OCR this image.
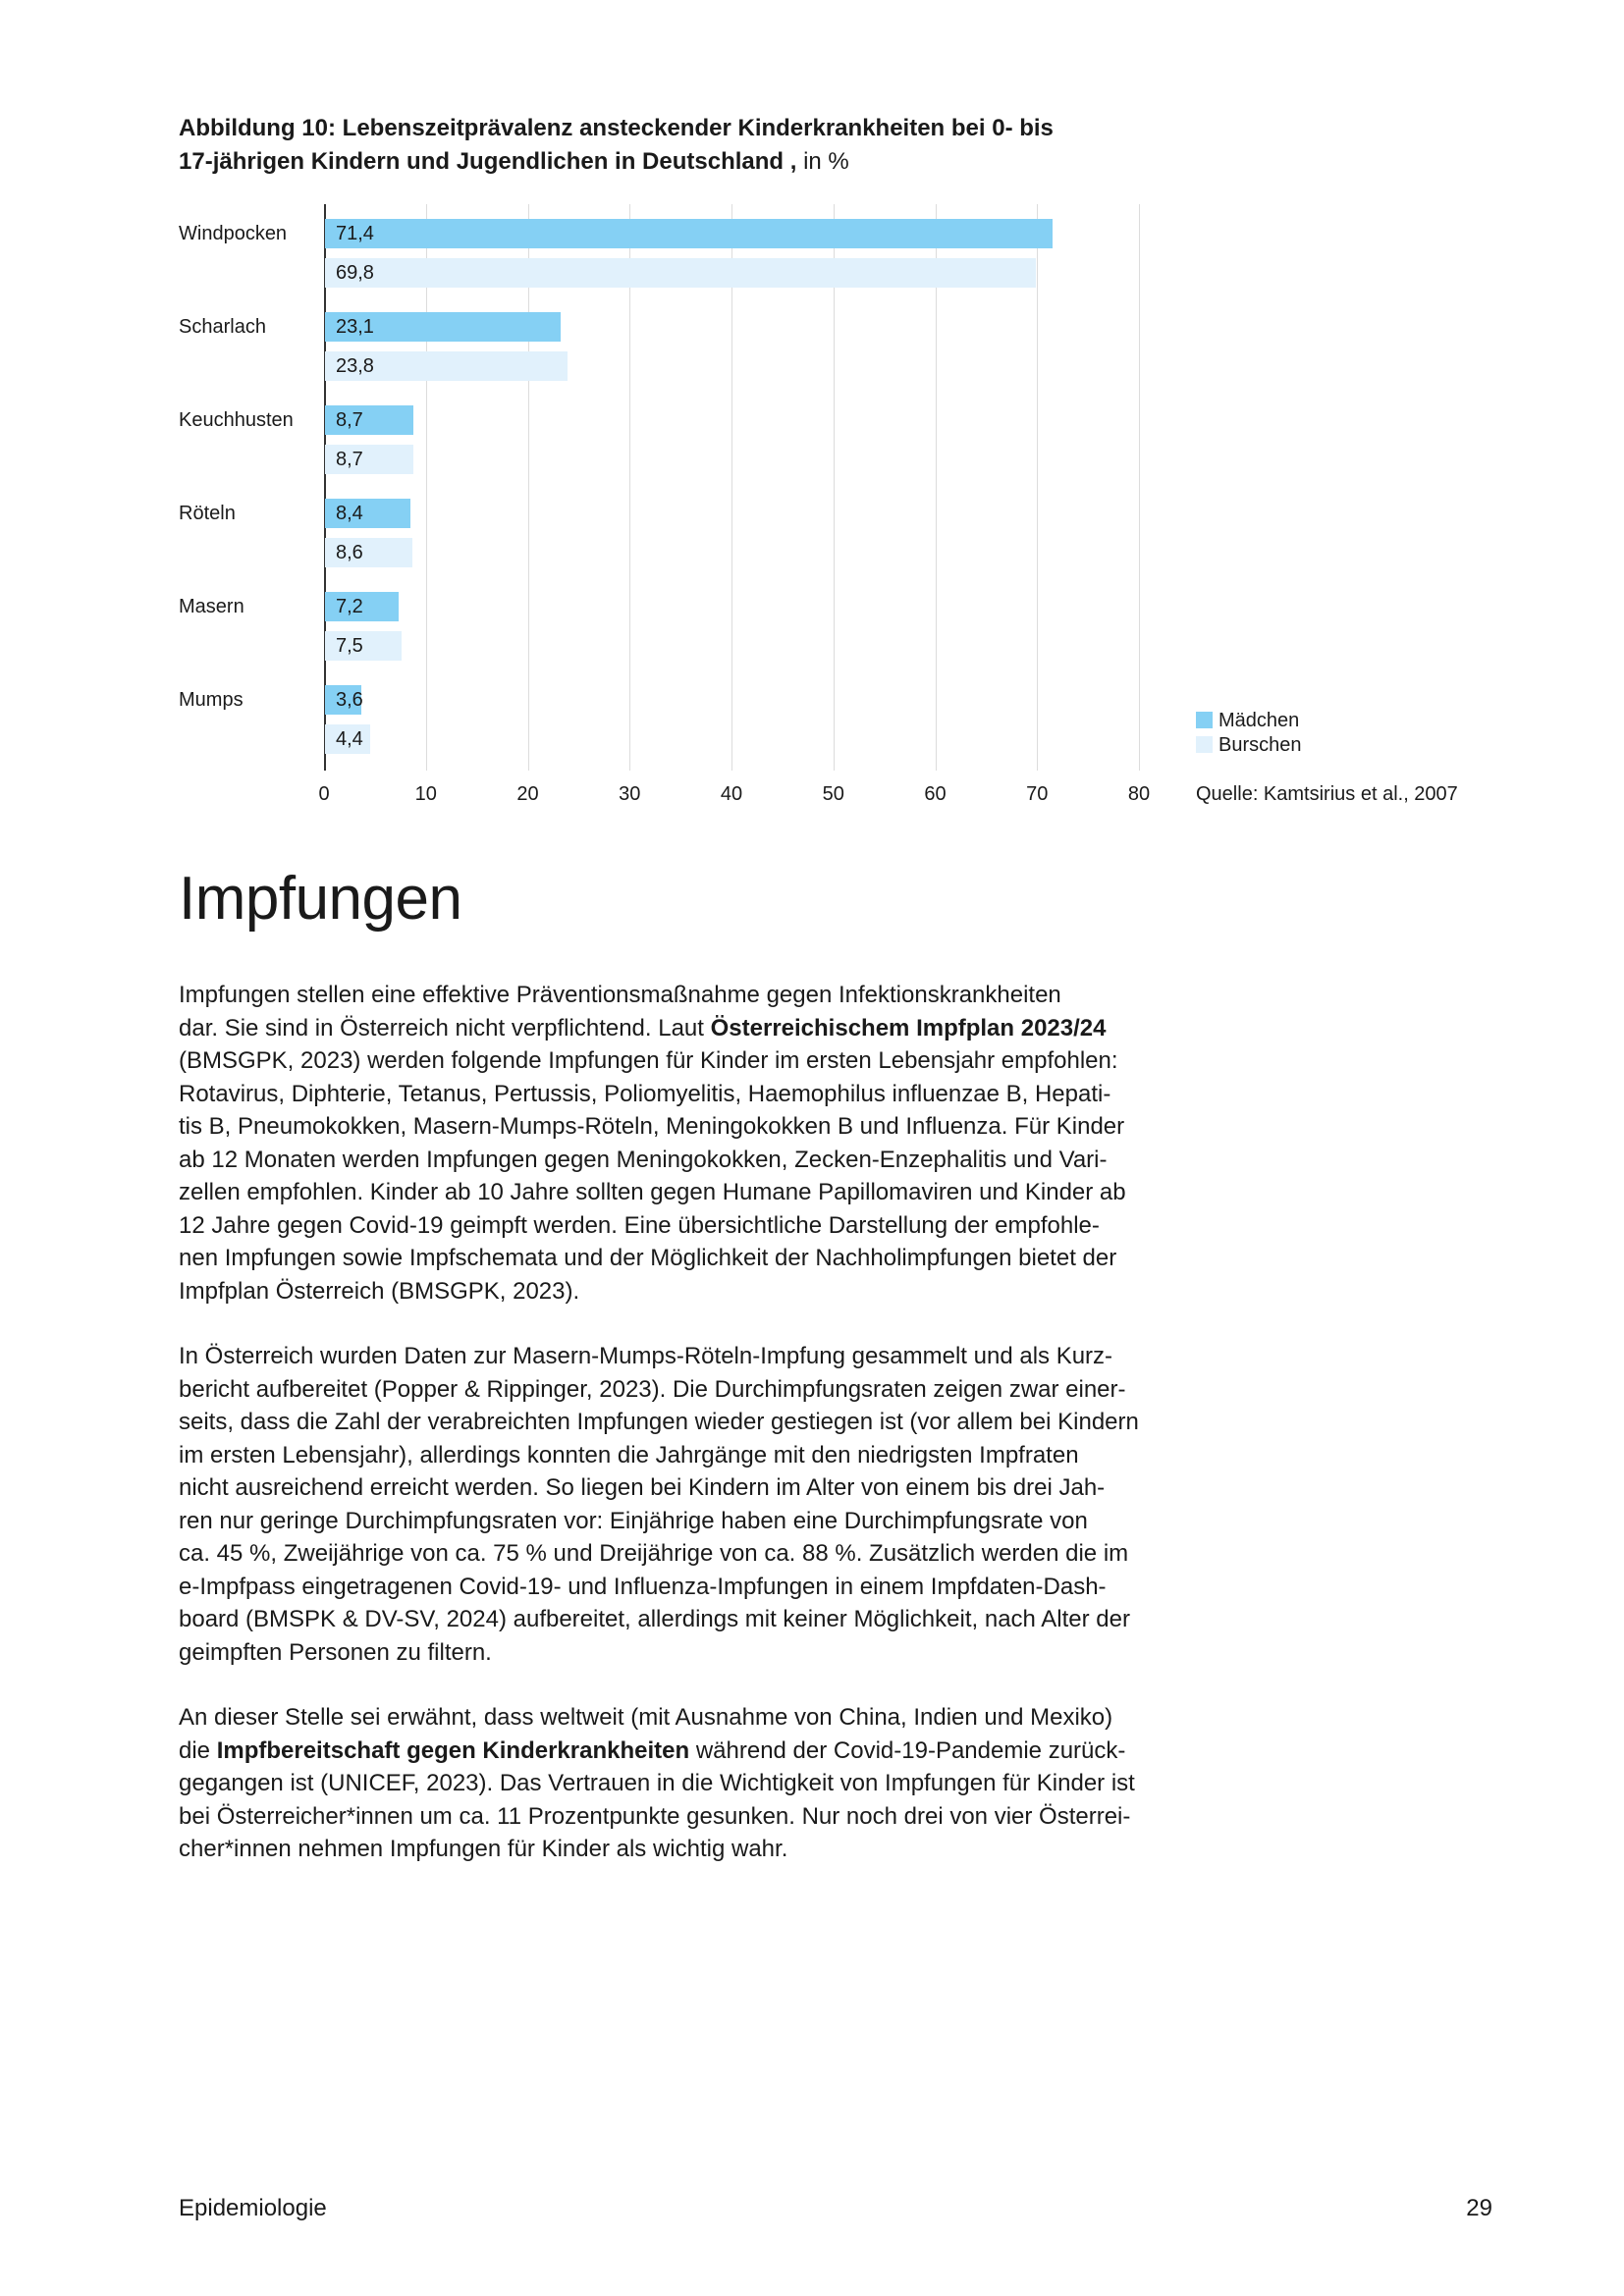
Abbildung 10: Lebenszeitprävalenz ansteckender Kinderkrankheiten bei 0- bis
17-jährigen Kindern und Jugendlichen in Deutschland , in %
0	10	20	30	40	50	60	70	80
Windpocken 71,4
69,8
Scharlach	23,1
23,8
Keuchhusten 8,7
8,7
Röteln	8,4
8,6
Masern	7,2
7,5
Mumps	3,6
4,4
Mädchen
Burschen
Quelle: Kamtsirius et al., 2007
Impfungen
Impfungen stellen eine effektive Präventionsmaßnahme gegen Infektionskrankheiten
dar. Sie sind in Österreich nicht verpflichtend. Laut Österreichischem Impfplan 2023/24
(BMSGPK, 2023) werden folgende Impfungen für Kinder im ersten Lebensjahr empfohlen:
Rotavirus, Diphterie, Tetanus, Pertussis, Poliomyelitis, Haemophilus influenzae B, Hepati-
tis B, Pneumokokken, Masern-Mumps-Röteln, Meningokokken B und Influenza. Für Kinder
ab 12 Monaten werden Impfungen gegen Meningokokken, Zecken-Enzephalitis und Vari-
zellen empfohlen. Kinder ab 10 Jahre sollten gegen Humane Papillomaviren und Kinder ab
12 Jahre gegen Covid-19 geimpft werden. Eine übersichtliche Darstellung der empfohle-
nen Impfungen sowie Impfschemata und der Möglichkeit der Nachholimpfungen bietet der
Impfplan Österreich (BMSGPK, 2023).
In Österreich wurden Daten zur Masern-Mumps-Röteln-Impfung gesammelt und als Kurz-
bericht aufbereitet (Popper & Rippinger, 2023). Die Durchimpfungsraten zeigen zwar einer-
seits, dass die Zahl der verabreichten Impfungen wieder gestiegen ist (vor allem bei Kindern
im ersten Lebensjahr), allerdings konnten die Jahrgänge mit den niedrigsten Impfraten
nicht ausreichend erreicht werden. So liegen bei Kindern im Alter von einem bis drei Jah-
ren nur geringe Durchimpfungsraten vor: Einjährige haben eine Durchimpfungsrate von
ca. 45 %, Zweijährige von ca. 75 % und Dreijährige von ca. 88 %. Zusätzlich werden die im
e-Impfpass eingetragenen Covid-19- und Influenza-Impfungen in einem Impfdaten-Dash-
board (BMSPK & DV-SV, 2024) aufbereitet, allerdings mit keiner Möglichkeit, nach Alter der
geimpften Personen zu filtern.
An dieser Stelle sei erwähnt, dass weltweit (mit Ausnahme von China, Indien und Mexiko)
die Impfbereitschaft gegen Kinderkrankheiten während der Covid-19-Pandemie zurück-
gegangen ist (UNICEF, 2023). Das Vertrauen in die Wichtigkeit von Impfungen für Kinder ist
bei Österreicher*innen um ca. 11 Prozentpunkte gesunken. Nur noch drei von vier Österrei-
cher*innen nehmen Impfungen für Kinder als wichtig wahr.
Epidemiologie	29
